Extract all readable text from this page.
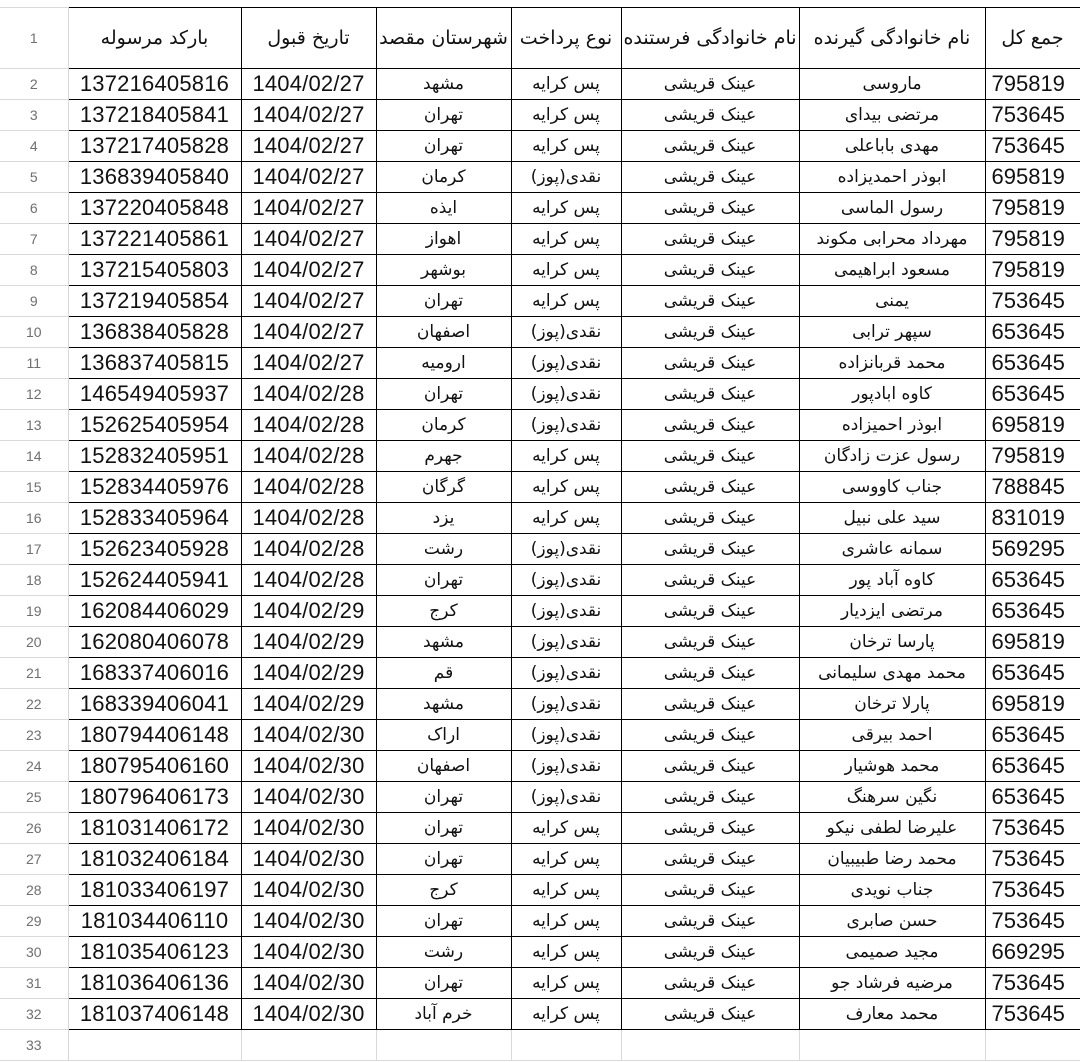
1	بارکد مرسوله	تاریخ قبول	شهرستان مقصد	نوع پرداخت	نام خانوادگی فرستنده	نام خانوادگی گیرنده	جمع کل
2	137216405816	1404/02/27	مشهد	پس کرایه	عینک قریشی	ماروسی	795819
3	137218405841	1404/02/27	تهران	پس کرایه	عینک قریشی	مرتضی بیدای	753645
4	137217405828	1404/02/27	تهران	پس کرایه	عینک قریشی	مهدی باباعلی	753645
5	136839405840	1404/02/27	کرمان	نقدی(پوز)	عینک قریشی	ابوذر احمدیزاده	695819
6	137220405848	1404/02/27	ایذه	پس کرایه	عینک قریشی	رسول الماسی	795819
7	137221405861	1404/02/27	اهواز	پس کرایه	عینک قریشی	مهرداد محرابی مکوند	795819
8	137215405803	1404/02/27	بوشهر	پس کرایه	عینک قریشی	مسعود ابراهیمی	795819
9	137219405854	1404/02/27	تهران	پس کرایه	عینک قریشی	یمنی	753645
10	136838405828	1404/02/27	اصفهان	نقدی(پوز)	عینک قریشی	سپهر ترابی	653645
11	136837405815	1404/02/27	ارومیه	نقدی(پوز)	عینک قریشی	محمد قربانزاده	653645
12	146549405937	1404/02/28	تهران	نقدی(پوز)	عینک قریشی	کاوه ابادپور	653645
13	152625405954	1404/02/28	کرمان	نقدی(پوز)	عینک قریشی	ابوذر احمیزاده	695819
14	152832405951	1404/02/28	جهرم	پس کرایه	عینک قریشی	رسول عزت زادگان	795819
15	152834405976	1404/02/28	گرگان	پس کرایه	عینک قریشی	جناب کاووسی	788845
16	152833405964	1404/02/28	یزد	پس کرایه	عینک قریشی	سید علی نبیل	831019
17	152623405928	1404/02/28	رشت	نقدی(پوز)	عینک قریشی	سمانه عاشری	569295
18	152624405941	1404/02/28	تهران	نقدی(پوز)	عینک قریشی	کاوه آباد پور	653645
19	162084406029	1404/02/29	کرج	نقدی(پوز)	عینک قریشی	مرتضی ایزدیار	653645
20	162080406078	1404/02/29	مشهد	نقدی(پوز)	عینک قریشی	پارسا ترخان	695819
21	168337406016	1404/02/29	قم	نقدی(پوز)	عینک قریشی	محمد مهدی سلیمانی	653645
22	168339406041	1404/02/29	مشهد	نقدی(پوز)	عینک قریشی	پارلا ترخان	695819
23	180794406148	1404/02/30	اراک	نقدی(پوز)	عینک قریشی	احمد بیرقی	653645
24	180795406160	1404/02/30	اصفهان	نقدی(پوز)	عینک قریشی	محمد هوشیار	653645
25	180796406173	1404/02/30	تهران	نقدی(پوز)	عینک قریشی	نگین سرهنگ	653645
26	181031406172	1404/02/30	تهران	پس کرایه	عینک قریشی	علیرضا لطفی نیکو	753645
27	181032406184	1404/02/30	تهران	پس کرایه	عینک قریشی	محمد رضا طبیبیان	753645
28	181033406197	1404/02/30	کرج	پس کرایه	عینک قریشی	جناب نویدی	753645
29	181034406110	1404/02/30	تهران	پس کرایه	عینک قریشی	حسن صابری	753645
30	181035406123	1404/02/30	رشت	پس کرایه	عینک قریشی	مجید صمیمی	669295
31	181036406136	1404/02/30	تهران	پس کرایه	عینک قریشی	مرضیه فرشاد جو	753645
32	181037406148	1404/02/30	خرم آباد	پس کرایه	عینک قریشی	محمد معارف	753645
33							
